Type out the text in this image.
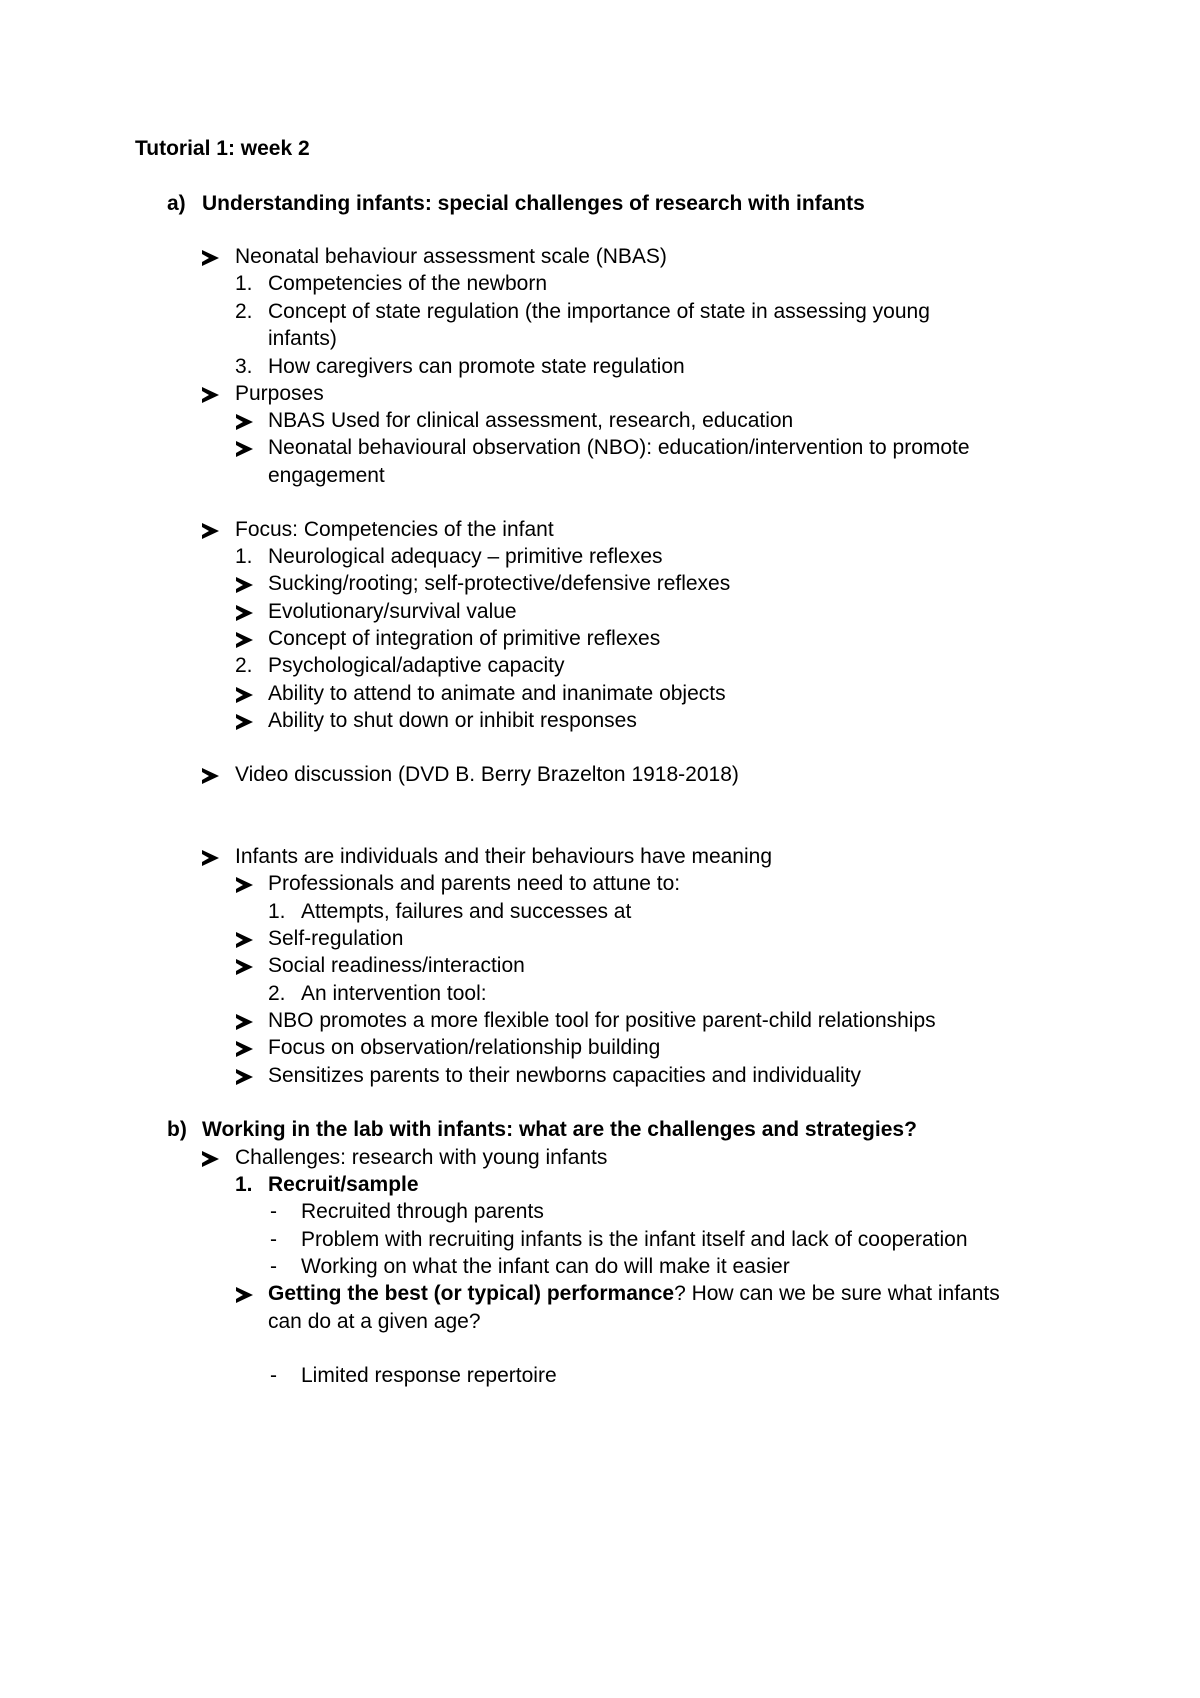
Tutorial 1: week 2
a) Understanding infants: special challenges of research with infants
Neonatal behaviour assessment scale (NBAS)
1. Competencies of the newborn
2. Concept of state regulation (the importance of state in assessing young
infants)
3. How caregivers can promote state regulation
Purposes
NBAS Used for clinical assessment, research, education
Neonatal behavioural observation (NBO): education/intervention to promote
engagement
Focus: Competencies of the infant
1. Neurological adequacy – primitive reflexes
Sucking/rooting; self-protective/defensive reflexes
Evolutionary/survival value
Concept of integration of primitive reflexes
2. Psychological/adaptive capacity
Ability to attend to animate and inanimate objects
Ability to shut down or inhibit responses
Video discussion (DVD B. Berry Brazelton 1918-2018)
Infants are individuals and their behaviours have meaning
Professionals and parents need to attune to:
1. Attempts, failures and successes at
Self-regulation
Social readiness/interaction
2. An intervention tool:
NBO promotes a more flexible tool for positive parent-child relationships
Focus on observation/relationship building
Sensitizes parents to their newborns capacities and individuality
b) Working in the lab with infants: what are the challenges and strategies?
Challenges: research with young infants
1. Recruit/sample
- Recruited through parents
- Problem with recruiting infants is the infant itself and lack of cooperation
- Working on what the infant can do will make it easier
Getting the best (or typical) performance? How can we be sure what infants
can do at a given age?
- Limited response repertoire
